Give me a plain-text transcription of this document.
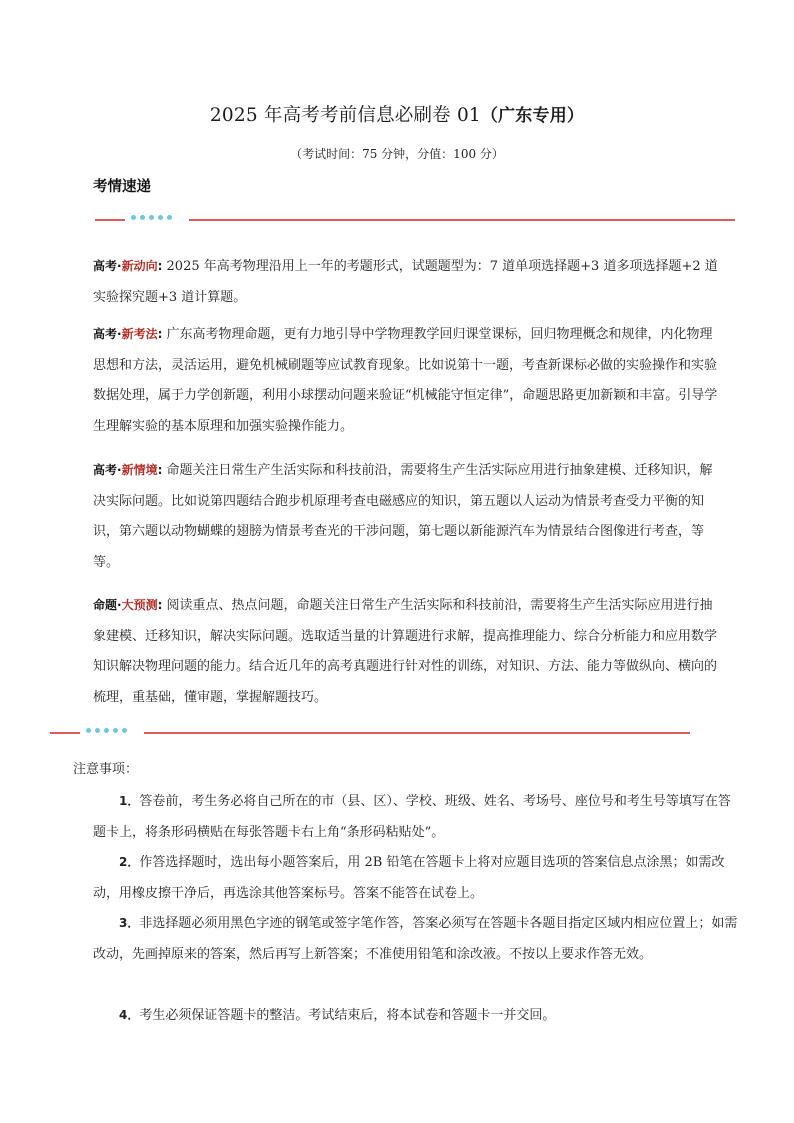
2025 年高考考前信息必刷卷 01（广东专用）
（考试时间：75 分钟，分值：100 分）
考情速递
高考·新动向: 2025 年高考物理沿用上一年的考题形式，试题题型为：7 道单项选择题+3 道多项选择题+2 道实验探究题+3 道计算题。
高考·新考法: 广东高考物理命题，更有力地引导中学物理教学回归课堂课标，回归物理概念和规律，内化物理思想和方法，灵活运用，避免机械刷题等应试教育现象。比如说第十一题，考查新课标必做的实验操作和实验数据处理，属于力学创新题，利用小球摆动问题来验证“机械能守恒定律”，命题思路更加新颖和丰富。引导学生理解实验的基本原理和加强实验操作能力。
高考·新情境: 命题关注日常生产生活实际和科技前沿，需要将生产生活实际应用进行抽象建模、迁移知识，解决实际问题。比如说第四题结合跑步机原理考查电磁感应的知识，第五题以人运动为情景考查受力平衡的知识，第六题以动物蝴蝶的翅膀为情景考查光的干涉问题，第七题以新能源汽车为情景结合图像进行考查，等等。
命题·大预测: 阅读重点、热点问题，命题关注日常生产生活实际和科技前沿，需要将生产生活实际应用进行抽象建模、迁移知识，解决实际问题。选取适当量的计算题进行求解，提高推理能力、综合分析能力和应用数学知识解决物理问题的能力。结合近几年的高考真题进行针对性的训练，对知识、方法、能力等做纵向、横向的梳理，重基础，懂审题，掌握解题技巧。
注意事项：
1．答卷前，考生务必将自己所在的市（县、区）、学校、班级、姓名、考场号、座位号和考生号等填写在答题卡上，将条形码横贴在每张答题卡右上角“条形码粘贴处”。
2．作答选择题时，选出每小题答案后，用 2B 铅笔在答题卡上将对应题目选项的答案信息点涂黑；如需改动，用橡皮擦干净后，再选涂其他答案标号。答案不能答在试卷上。
3．非选择题必须用黑色字迹的钢笔或签字笔作答，答案必须写在答题卡各题目指定区域内相应位置上；如需改动，先画掉原来的答案，然后再写上新答案；不准使用铅笔和涂改液。不按以上要求作答无效。
4．考生必须保证答题卡的整洁。考试结束后，将本试卷和答题卡一并交回。
